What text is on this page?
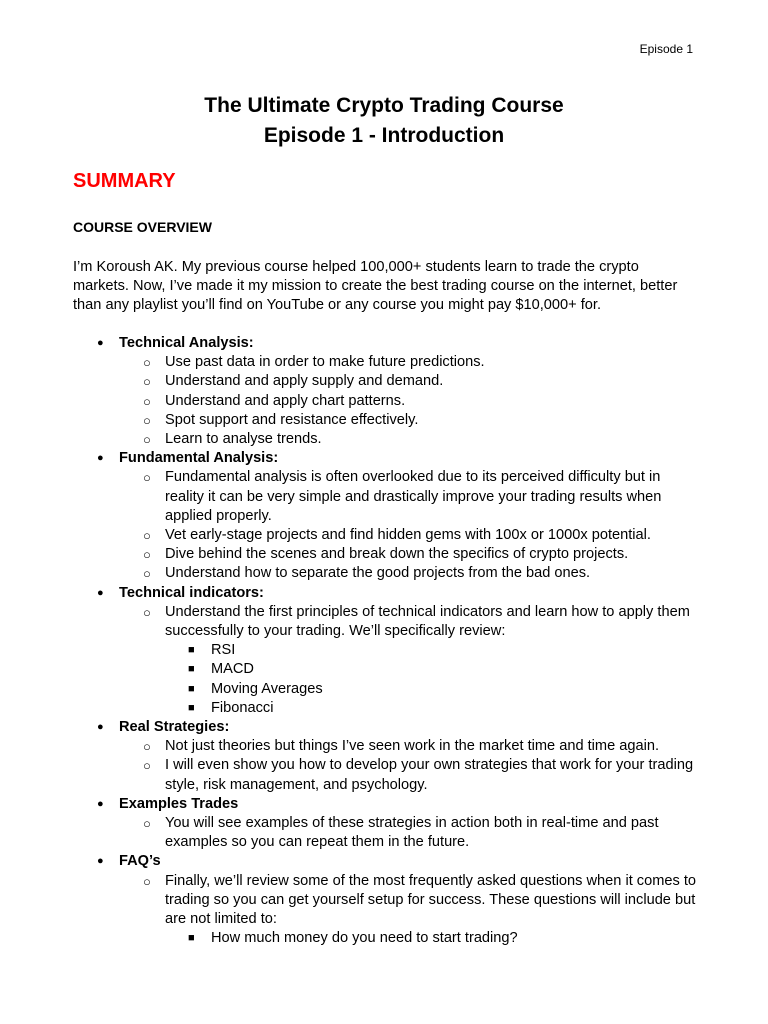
Episode 1
The Ultimate Crypto Trading Course
Episode 1 - Introduction
SUMMARY
COURSE OVERVIEW
I’m Koroush AK. My previous course helped 100,000+ students learn to trade the crypto markets. Now, I’ve made it my mission to create the best trading course on the internet, better than any playlist you’ll find on YouTube or any course you might pay $10,000+ for.
● Technical Analysis:
○ Use past data in order to make future predictions.
○ Understand and apply supply and demand.
○ Understand and apply chart patterns.
○ Spot support and resistance effectively.
○ Learn to analyse trends.
● Fundamental Analysis:
○ Fundamental analysis is often overlooked due to its perceived difficulty but in reality it can be very simple and drastically improve your trading results when applied properly.
○ Vet early-stage projects and find hidden gems with 100x or 1000x potential.
○ Dive behind the scenes and break down the specifics of crypto projects.
○ Understand how to separate the good projects from the bad ones.
● Technical indicators:
○ Understand the first principles of technical indicators and learn how to apply them successfully to your trading. We’ll specifically review:
■ RSI
■ MACD
■ Moving Averages
■ Fibonacci
● Real Strategies:
○ Not just theories but things I’ve seen work in the market time and time again.
○ I will even show you how to develop your own strategies that work for your trading style, risk management, and psychology.
● Examples Trades
○ You will see examples of these strategies in action both in real-time and past examples so you can repeat them in the future.
● FAQ’s
○ Finally, we’ll review some of the most frequently asked questions when it comes to trading so you can get yourself setup for success. These questions will include but are not limited to:
■ How much money do you need to start trading?
